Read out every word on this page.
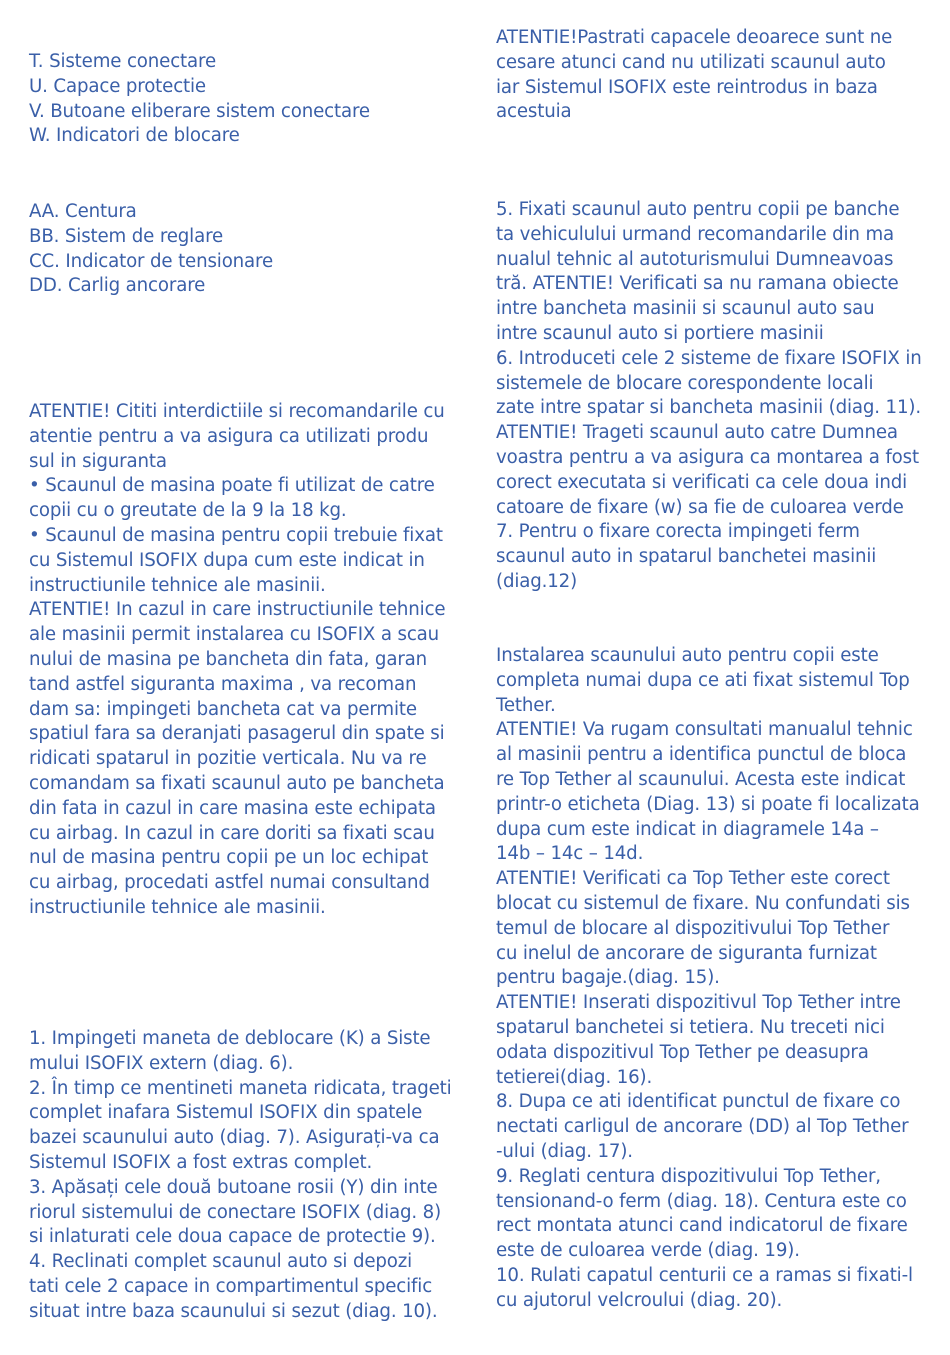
T. Sisteme conectare
U. Capace protectie
V. Butoane eliberare sistem conectare
W. Indicatori de blocare
AA. Centura
BB. Sistem de reglare
CC. Indicator de tensionare
DD. Carlig ancorare
ATENTIE! Cititi interdictiile si recomandarile cu
atentie pentru a va asigura ca utilizati produ
sul in siguranta
• Scaunul de masina poate fi utilizat de catre
copii cu o greutate de la 9 la 18 kg.
• Scaunul de masina pentru copii trebuie fixat
cu Sistemul ISOFIX dupa cum este indicat in
instructiunile tehnice ale masinii.
ATENTIE! In cazul in care instructiunile tehnice
ale masinii permit instalarea cu ISOFIX a scau
nului de masina pe bancheta din fata, garan
tand astfel siguranta maxima , va recoman
dam sa: impingeti bancheta cat va permite
spatiul fara sa deranjati pasagerul din spate si
ridicati spatarul in pozitie verticala. Nu va re
comandam sa fixati scaunul auto pe bancheta
din fata in cazul in care masina este echipata
cu airbag. In cazul in care doriti sa fixati scau
nul de masina pentru copii pe un loc echipat
cu airbag, procedati astfel numai consultand
instructiunile tehnice ale masinii.
1. Impingeti maneta de deblocare (K) a Siste
mului ISOFIX extern (diag. 6).
2. În timp ce mentineti maneta ridicata, trageti
complet inafara Sistemul ISOFIX din spatele
bazei scaunului auto (diag. 7). Asigurați-va ca
Sistemul ISOFIX a fost extras complet.
3. Apăsați cele două butoane rosii (Y) din inte
riorul sistemului de conectare ISOFIX (diag. 8)
si inlaturati cele doua capace de protectie 9).
4. Reclinati complet scaunul auto si depozi
tati cele 2 capace in compartimentul specific
situat intre baza scaunului si sezut (diag. 10).
ATENTIE!Pastrati capacele deoarece sunt ne
cesare atunci cand nu utilizati scaunul auto
iar Sistemul ISOFIX este reintrodus in baza
acestuia
5. Fixati scaunul auto pentru copii pe banche
ta vehiculului urmand recomandarile din ma
nualul tehnic al autoturismului Dumneavoas
tră. ATENTIE! Verificati sa nu ramana obiecte
intre bancheta masinii si scaunul auto sau
intre scaunul auto si portiere masinii
6. Introduceti cele 2 sisteme de fixare ISOFIX in
sistemele de blocare corespondente locali
zate intre spatar si bancheta masinii (diag. 11).
ATENTIE! Trageti scaunul auto catre Dumnea
voastra pentru a va asigura ca montarea a fost
corect executata si verificati ca cele doua indi
catoare de fixare (w) sa fie de culoarea verde
7. Pentru o fixare corecta impingeti ferm
scaunul auto in spatarul banchetei masinii
(diag.12)
Instalarea scaunului auto pentru copii este
completa numai dupa ce ati fixat sistemul Top
Tether.
ATENTIE! Va rugam consultati manualul tehnic
al masinii pentru a identifica punctul de bloca
re Top Tether al scaunului. Acesta este indicat
printr-o eticheta (Diag. 13) si poate fi localizata
dupa cum este indicat in diagramele 14a –
14b – 14c – 14d.
ATENTIE! Verificati ca Top Tether este corect
blocat cu sistemul de fixare. Nu confundati sis
temul de blocare al dispozitivului Top Tether
cu inelul de ancorare de siguranta furnizat
pentru bagaje.(diag. 15).
ATENTIE! Inserati dispozitivul Top Tether intre
spatarul banchetei si tetiera. Nu treceti nici
odata dispozitivul Top Tether pe deasupra
tetierei(diag. 16).
8. Dupa ce ati identificat punctul de fixare co
nectati carligul de ancorare (DD) al Top Tether
-ului (diag. 17).
9. Reglati centura dispozitivului Top Tether,
tensionand-o ferm (diag. 18). Centura este co
rect montata atunci cand indicatorul de fixare
este de culoarea verde (diag. 19).
10. Rulati capatul centurii ce a ramas si fixati-l
cu ajutorul velcroului (diag. 20).
